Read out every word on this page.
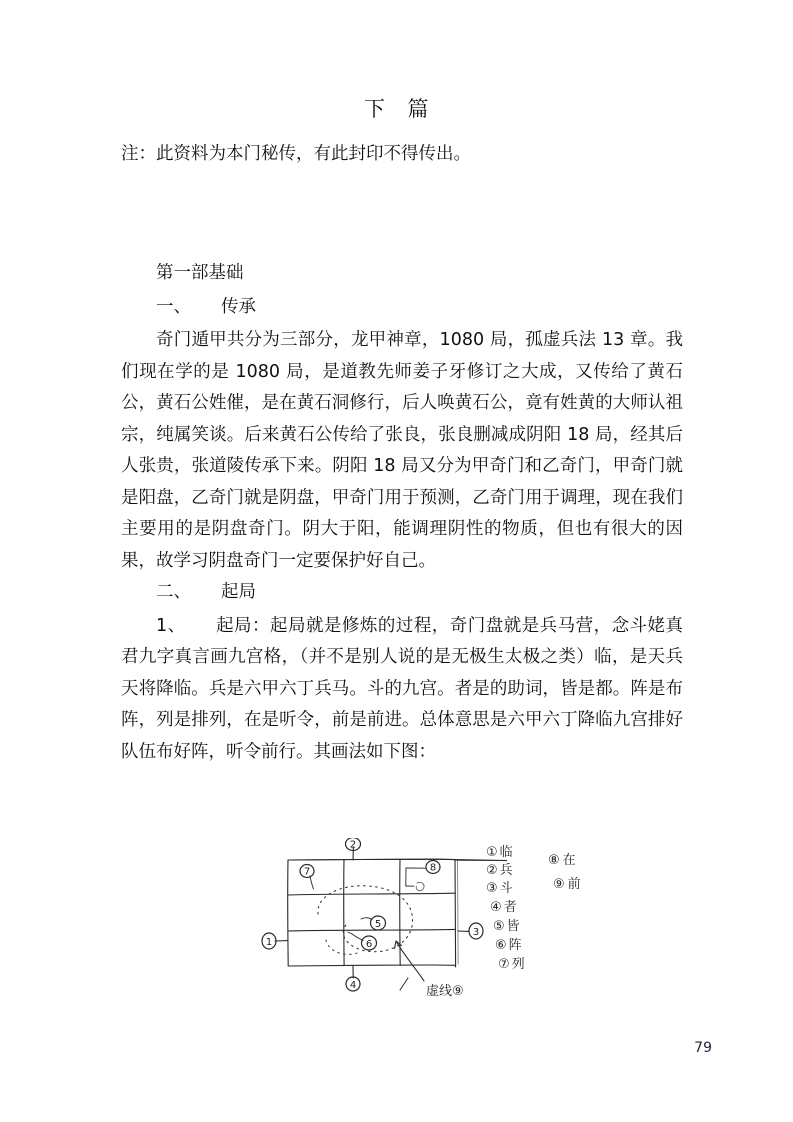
下 篇
注：此资料为本门秘传，有此封印不得传出。

第一部基础

一、 传承

奇门遁甲共分为三部分，龙甲神章，1080 局，孤虚兵法 13 章。我们现在学的是 1080 局，是道教先师姜子牙修订之大成，又传给了黄石公，黄石公姓催，是在黄石洞修行，后人唤黄石公，竟有姓黄的大师认祖宗，纯属笑谈。后来黄石公传给了张良，张良删减成阴阳 18 局，经其后人张贵，张道陵传承下来。阴阳 18 局又分为甲奇门和乙奇门，甲奇门就是阳盘，乙奇门就是阴盘，甲奇门用于预测，乙奇门用于调理，现在我们主要用的是阴盘奇门。阴大于阳，能调理阴性的物质，但也有很大的因果，故学习阴盘奇门一定要保护好自己。

二、 起局

1、 起局：起局就是修炼的过程，奇门盘就是兵马营，念斗姥真君九字真言画九宫格，（并不是别人说的是无极生太极之类）临，是天兵天将降临。兵是六甲六丁兵马。斗的九宫。者是的助词，皆是都。阵是布阵，列是排列，在是听令，前是前进。总体意思是六甲六丁降临九宫排好队伍布好阵，听令前行。其画法如下图：

1
2
3
4
5
6
7	8
虚线⑨
① 临
② 兵
③ 斗
④ 者
⑤ 皆
⑥ 阵
⑦ 列
⑧ 在
⑨ 前
79
